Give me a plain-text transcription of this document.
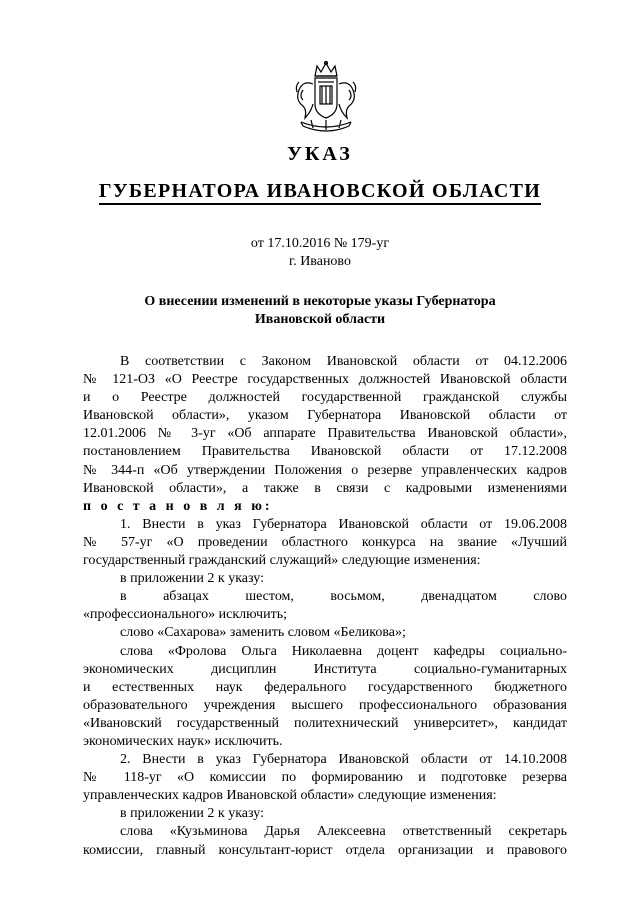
УКАЗ
ГУБЕРНАТОРА ИВАНОВСКОЙ ОБЛАСТИ
от 17.10.2016 № 179-уг
г. Иваново
О внесении изменений в некоторые указы Губернатора
Ивановской области

В соответствии с Законом Ивановской области от 04.12.2006

№ 121-ОЗ «О Реестре государственных должностей Ивановской области

и о Реестре должностей государственной гражданской службы

Ивановской области», указом Губернатора Ивановской области от

12.01.2006 № 3-уг «Об аппарате Правительства Ивановской области»,

постановлением Правительства Ивановской области от 17.12.2008

№ 344-п «Об утверждении Положения о резерве управленческих кадров

Ивановской области», а также в связи с кадровыми изменениями

п о с т а н о в л я ю:

1. Внести в указ Губернатора Ивановской области от 19.06.2008

№ 57-уг «О проведении областного конкурса на звание «Лучший

государственный гражданский служащий» следующие изменения:

в приложении 2 к указу:

в абзацах шестом, восьмом, двенадцатом слово

«профессионального» исключить;

слово «Сахарова» заменить словом «Беликова»;

слова «Фролова Ольга Николаевна доцент кафедры социально-

экономических дисциплин Института социально-гуманитарных

и естественных наук федерального государственного бюджетного

образовательного учреждения высшего профессионального образования

«Ивановский государственный политехнический университет», кандидат

экономических наук» исключить.

2. Внести в указ Губернатора Ивановской области от 14.10.2008

№ 118-уг «О комиссии по формированию и подготовке резерва

управленческих кадров Ивановской области» следующие изменения:

в приложении 2 к указу:

слова «Кузьминова Дарья Алексеевна ответственный секретарь

комиссии, главный консультант-юрист отдела организации и правового
